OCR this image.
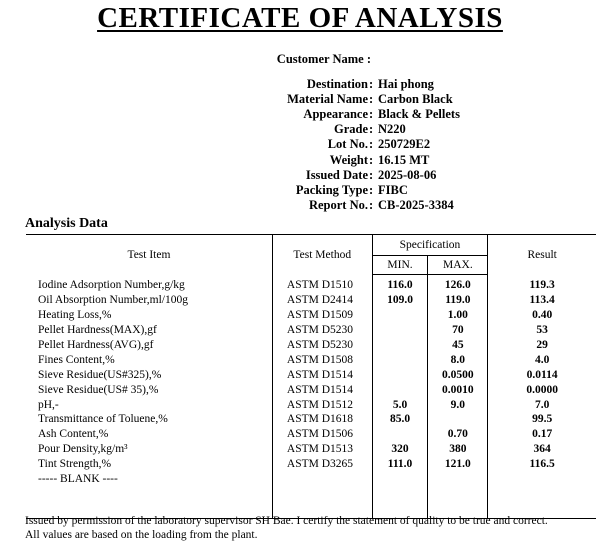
CERTIFICATE OF ANALYSIS
Customer Name :
Destination : Hai phong
Material Name : Carbon Black
Appearance : Black & Pellets
Grade : N220
Lot No. : 250729E2
Weight : 16.15 MT
Issued Date : 2025-08-06
Packing Type : FIBC
Report No. : CB-2025-3384
Analysis Data
Test Item	Test Method	Specification		Result
		MIN.	MAX.	
Iodine Adsorption Number,g/kg	ASTM D1510	116.0	126.0	119.3
Oil Absorption Number,ml/100g	ASTM D2414	109.0	119.0	113.4
Heating Loss,%	ASTM D1509		1.00	0.40
Pellet Hardness(MAX),gf	ASTM D5230		70	53
Pellet Hardness(AVG),gf	ASTM D5230		45	29
Fines Content,%	ASTM D1508		8.0	4.0
Sieve Residue(US#325),%	ASTM D1514		0.0500	0.0114
Sieve Residue(US# 35),%	ASTM D1514		0.0010	0.0000
pH,-	ASTM D1512	5.0	9.0	7.0
Transmittance of Toluene,%	ASTM D1618	85.0		99.5
Ash Content,%	ASTM D1506		0.70	0.17
Pour Density,kg/m³	ASTM D1513	320	380	364
Tint Strength,%	ASTM D3265	111.0	121.0	116.5
----- BLANK ----				

Issued by permission of the laboratory supervisor SH Bae. I certify the statement of quality to be true and correct.
All values are based on the loading from the plant.
